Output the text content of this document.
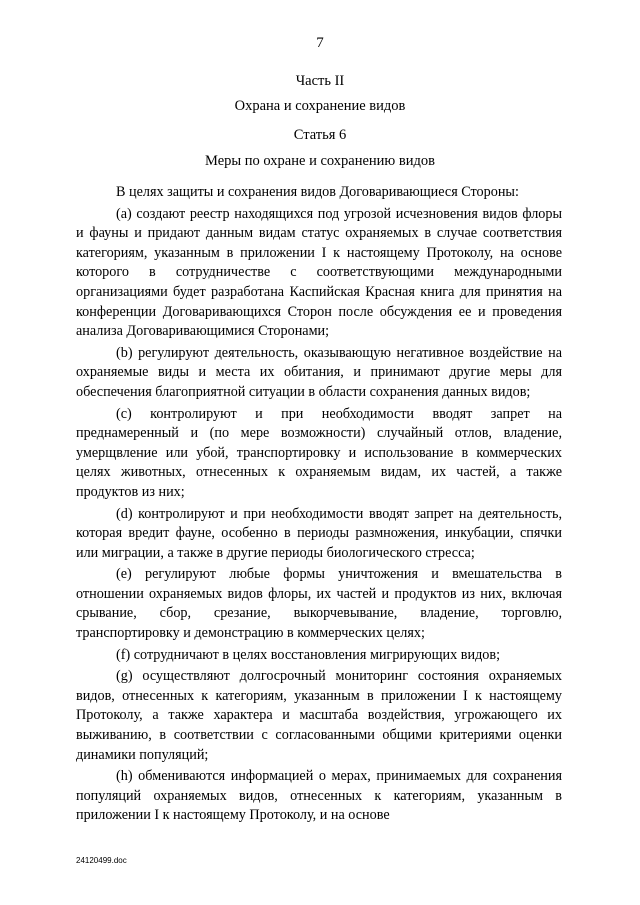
7
Часть II
Охрана и сохранение видов
Статья 6
Меры по охране и сохранению видов

В целях защиты и сохранения видов Договаривающиеся Стороны:

(a) создают реестр находящихся под угрозой исчезновения видов флоры и фауны и придают данным видам статус охраняемых в случае соответствия категориям, указанным в приложении I к настоящему Протоколу, на основе которого в сотрудничестве с соответствующими международными организациями будет разработана Каспийская Красная книга для принятия на конференции Договаривающихся Сторон после обсуждения ее и проведения анализа Договаривающимися Сторонами;

(b) регулируют деятельность, оказывающую негативное воздействие на охраняемые виды и места их обитания, и принимают другие меры для обеспечения благоприятной ситуации в области сохранения данных видов;

(c) контролируют и при необходимости вводят запрет на преднамеренный и (по мере возможности) случайный отлов, владение, умерщвление или убой, транспортировку и использование в коммерческих целях животных, отнесенных к охраняемым видам, их частей, а также продуктов из них;

(d) контролируют и при необходимости вводят запрет на деятельность, которая вредит фауне, особенно в периоды размножения, инкубации, спячки или миграции, а также в другие периоды биологического стресса;

(e) регулируют любые формы уничтожения и вмешательства в отношении охраняемых видов флоры, их частей и продуктов из них, включая срывание, сбор, срезание, выкорчевывание, владение, торговлю, транспортировку и демонстрацию в коммерческих целях;

(f) сотрудничают в целях восстановления мигрирующих видов;

(g) осуществляют долгосрочный мониторинг состояния охраняемых видов, отнесенных к категориям, указанным в приложении I к настоящему Протоколу, а также характера и масштаба воздействия, угрожающего их выживанию, в соответствии с согласованными общими критериями оценки динамики популяций;

(h) обмениваются информацией о мерах, принимаемых для сохранения популяций охраняемых видов, отнесенных к категориям, указанным в приложении I к настоящему Протоколу, и на основе

24120499.doc
